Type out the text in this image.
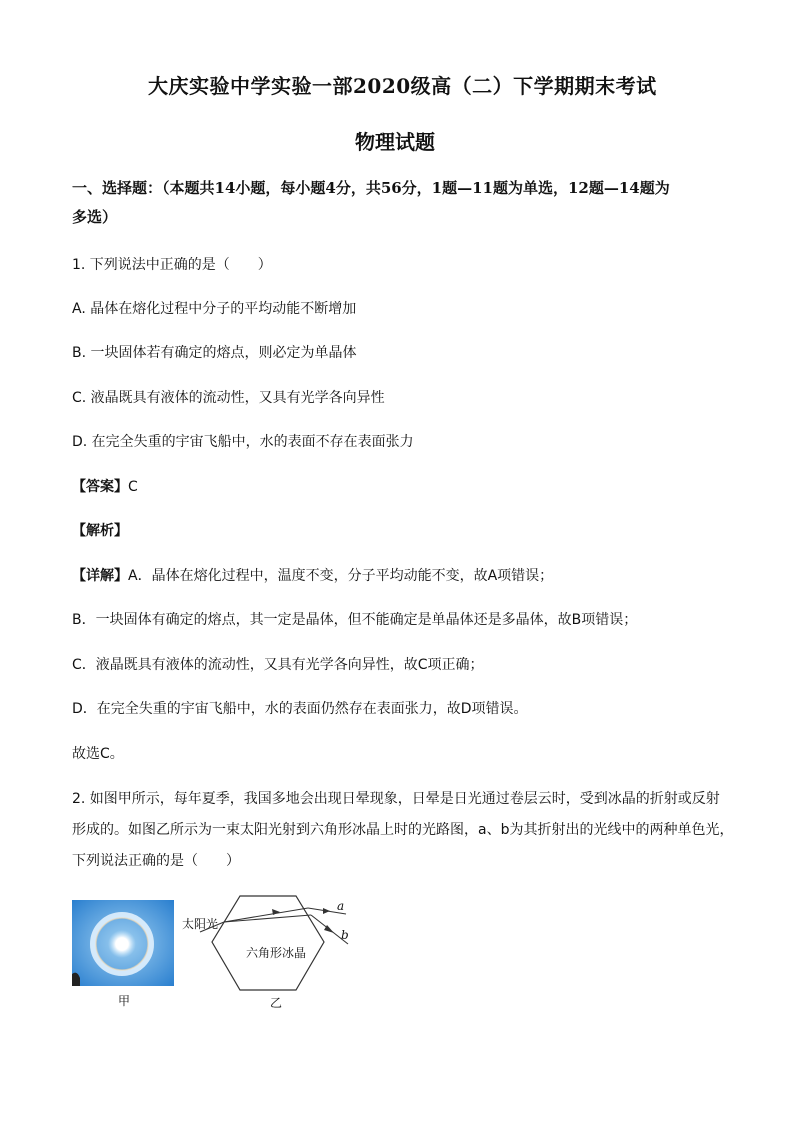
大庆实验中学实验一部2020级高（二）下学期期末考试
物理试题
一、选择题：（本题共14小题，每小题4分，共56分，1题—11题为单选，12题—14题为
多选）
1. 下列说法中正确的是（　　）
A. 晶体在熔化过程中分子的平均动能不断增加
B. 一块固体若有确定的熔点，则必定为单晶体
C. 液晶既具有液体的流动性，又具有光学各向异性
D. 在完全失重的宇宙飞船中，水的表面不存在表面张力
【答案】C
【解析】
【详解】A．晶体在熔化过程中，温度不变，分子平均动能不变，故A项错误；
B．一块固体有确定的熔点，其一定是晶体，但不能确定是单晶体还是多晶体，故B项错误；
C．液晶既具有液体的流动性，又具有光学各向异性，故C项正确；
D．在完全失重的宇宙飞船中，水的表面仍然存在表面张力，故D项错误。
故选C。
2. 如图甲所示，每年夏季，我国多地会出现日晕现象，日晕是日光通过卷层云时，受到冰晶的折射或反射
形成的。如图乙所示为一束太阳光射到六角形冰晶上时的光路图，a、b为其折射出的光线中的两种单色光，
下列说法正确的是（　　）
甲
太阳光
六角形冰晶
a
b
乙
